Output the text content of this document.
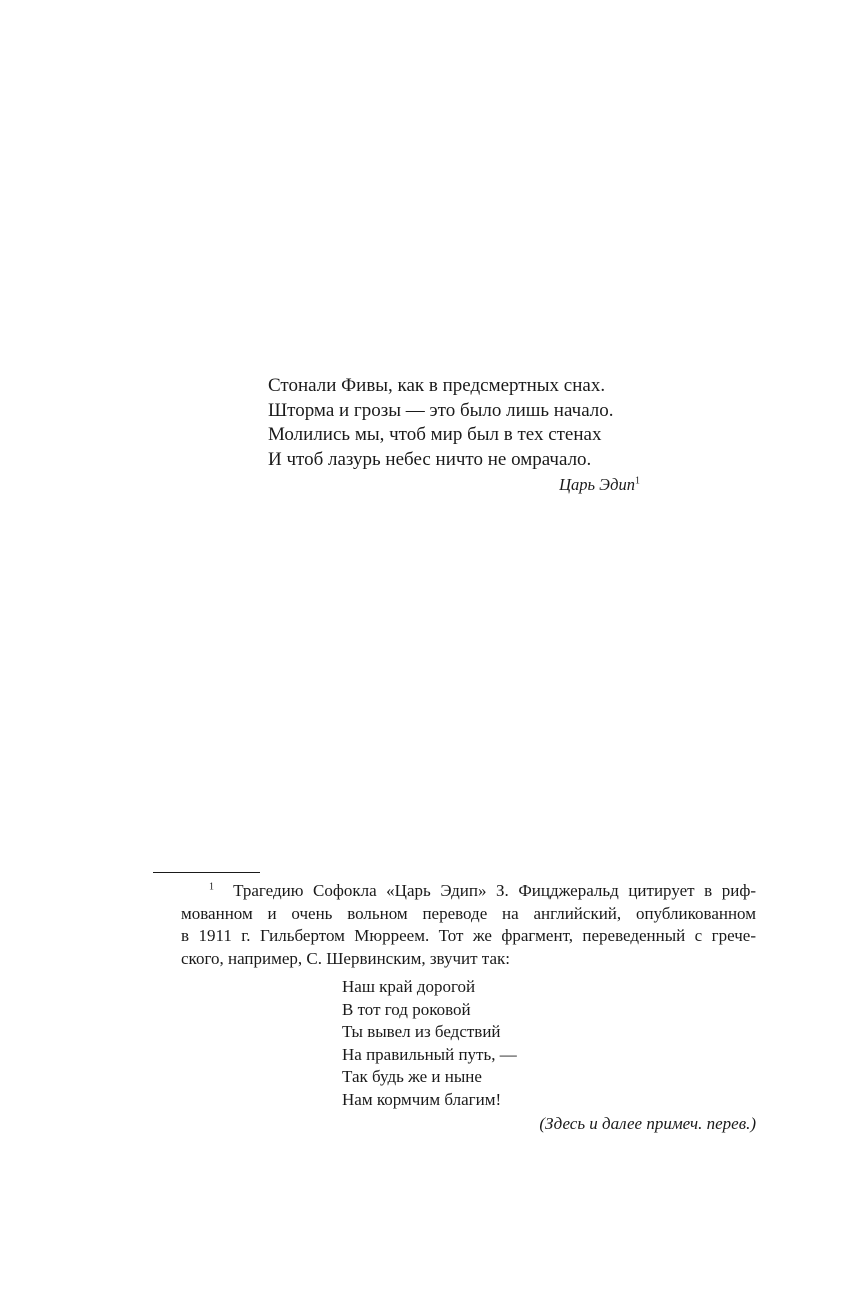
Стонали Фивы, как в предсмертных снах.

Шторма и грозы — это было лишь начало.

Молились мы, чтоб мир был в тех стенах

И чтоб лазурь небес ничто не омрачало.

Царь Эдип$^1$
$^1$ Трагедию Софокла «Царь Эдип» З. Фицджеральд цитирует в риф-
мованном и очень вольном переводе на английский, опубликованном
в 1911 г. Гильбертом Мюрреем. Тот же фрагмент, переведенный с грече-
ского, например, С. Шервинским, звучит так:
Наш край дорогой
В тот год роковой
Ты вывел из бедствий
На правильный путь, —
Так будь же и ныне
Нам кормчим благим!
(Здесь и далее примеч. перев.)
